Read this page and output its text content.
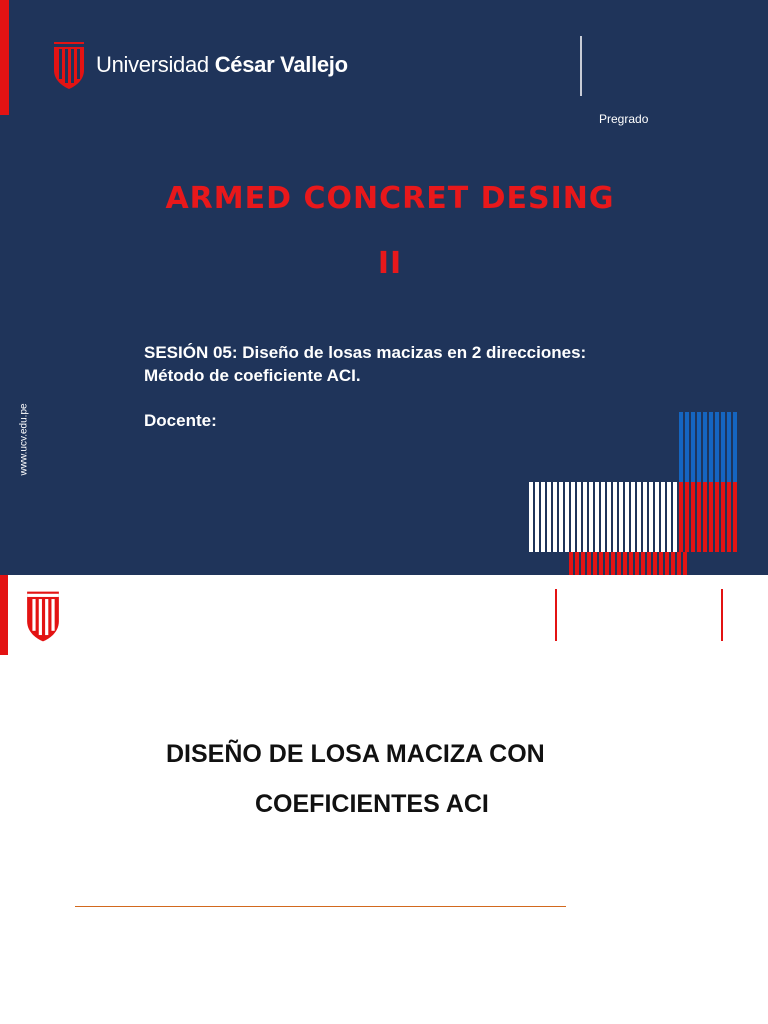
Universidad César Vallejo
Pregrado
ARMED CONCRET DESING
II
SESIÓN 05: Diseño de losas macizas en 2 direcciones:
Método de coeficiente ACI.
Docente:
www.ucv.edu.pe
DISEÑO DE LOSA MACIZA CON
COEFICIENTES ACI
